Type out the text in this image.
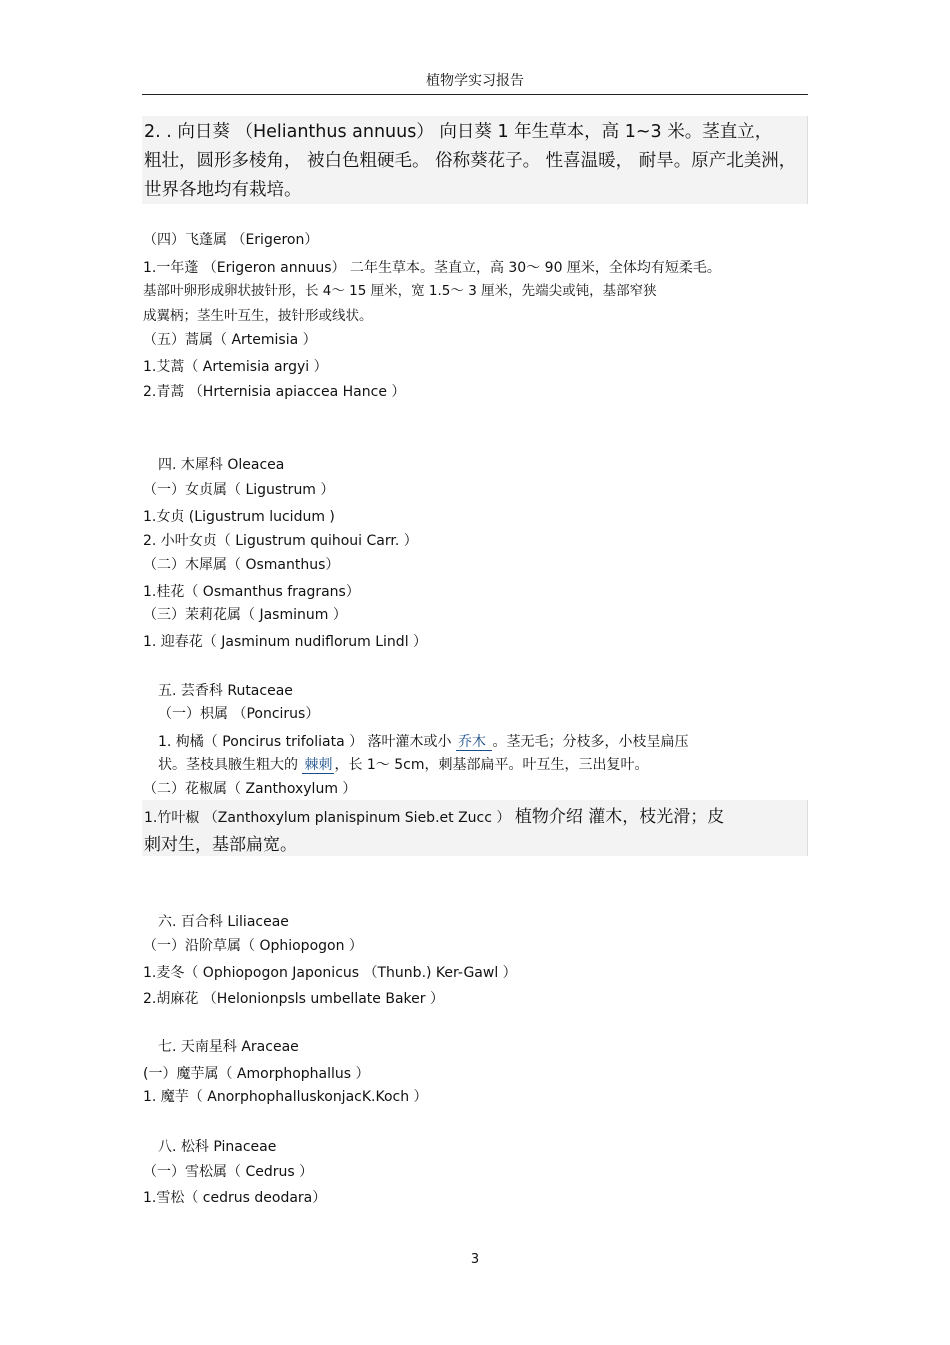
植物学实习报告

2. . 向日葵 （Helianthus annuus） 向日葵 1 年生草本，高 1~3 米。茎直立，

粗壮，圆形多棱角， 被白色粗硬毛。 俗称葵花子。 性喜温暖， 耐旱。原产北美洲，

世界各地均有栽培。

（四）飞蓬属 （Erigeron）
1.一年蓬 （Erigeron annuus） 二年生草本。茎直立，高 30～ 90 厘米，全体均有短柔毛。
基部叶卵形成卵状披针形，长 4～ 15 厘米，宽 1.5～ 3 厘米，先端尖或钝，基部窄狭
成翼柄；茎生叶互生，披针形或线状。
（五）蒿属（ Artemisia ）
1.艾蒿（ Artemisia argyi ）
2.青蒿 （Hrternisia apiaccea Hance ）
四. 木犀科 Oleacea
（一）女贞属（ Ligustrum ）
1.女贞 (Ligustrum lucidum )
2. 小叶女贞（ Ligustrum quihoui Carr. ）
（二）木犀属（ Osmanthus）
1.桂花（ Osmanthus fragrans）
（三）茉莉花属（ Jasminum ）
1. 迎春花（ Jasminum nudiflorum Lindl ）
五. 芸香科 Rutaceae
（一）枳属 （Poncirus）
1. 枸橘（ Poncirus trifoliata ） 落叶灌木或小 乔木 。茎无毛；分枝多，小枝呈扁压
状。茎枝具腋生粗大的 棘刺 ，长 1～ 5cm，刺基部扁平。叶互生，三出复叶。
（二）花椒属（ Zanthoxylum ）

1.竹叶椒 （Zanthoxylum planispinum Sieb.et Zucc ） 植物介绍 灌木，枝光滑；皮

刺对生，基部扁宽。

六. 百合科 Liliaceae
（一）沿阶草属（ Ophiopogon ）
1.麦冬（ Ophiopogon Japonicus （Thunb.) Ker-Gawl ）
2.胡麻花 （Helonionpsls umbellate Baker ）
七. 天南星科 Araceae
(一）魔芋属（ Amorphophallus ）
1. 魔芋（ AnorphophalluskonjacK.Koch ）
八. 松科 Pinaceae
（一）雪松属（ Cedrus ）
1.雪松（ cedrus deodara）
3
